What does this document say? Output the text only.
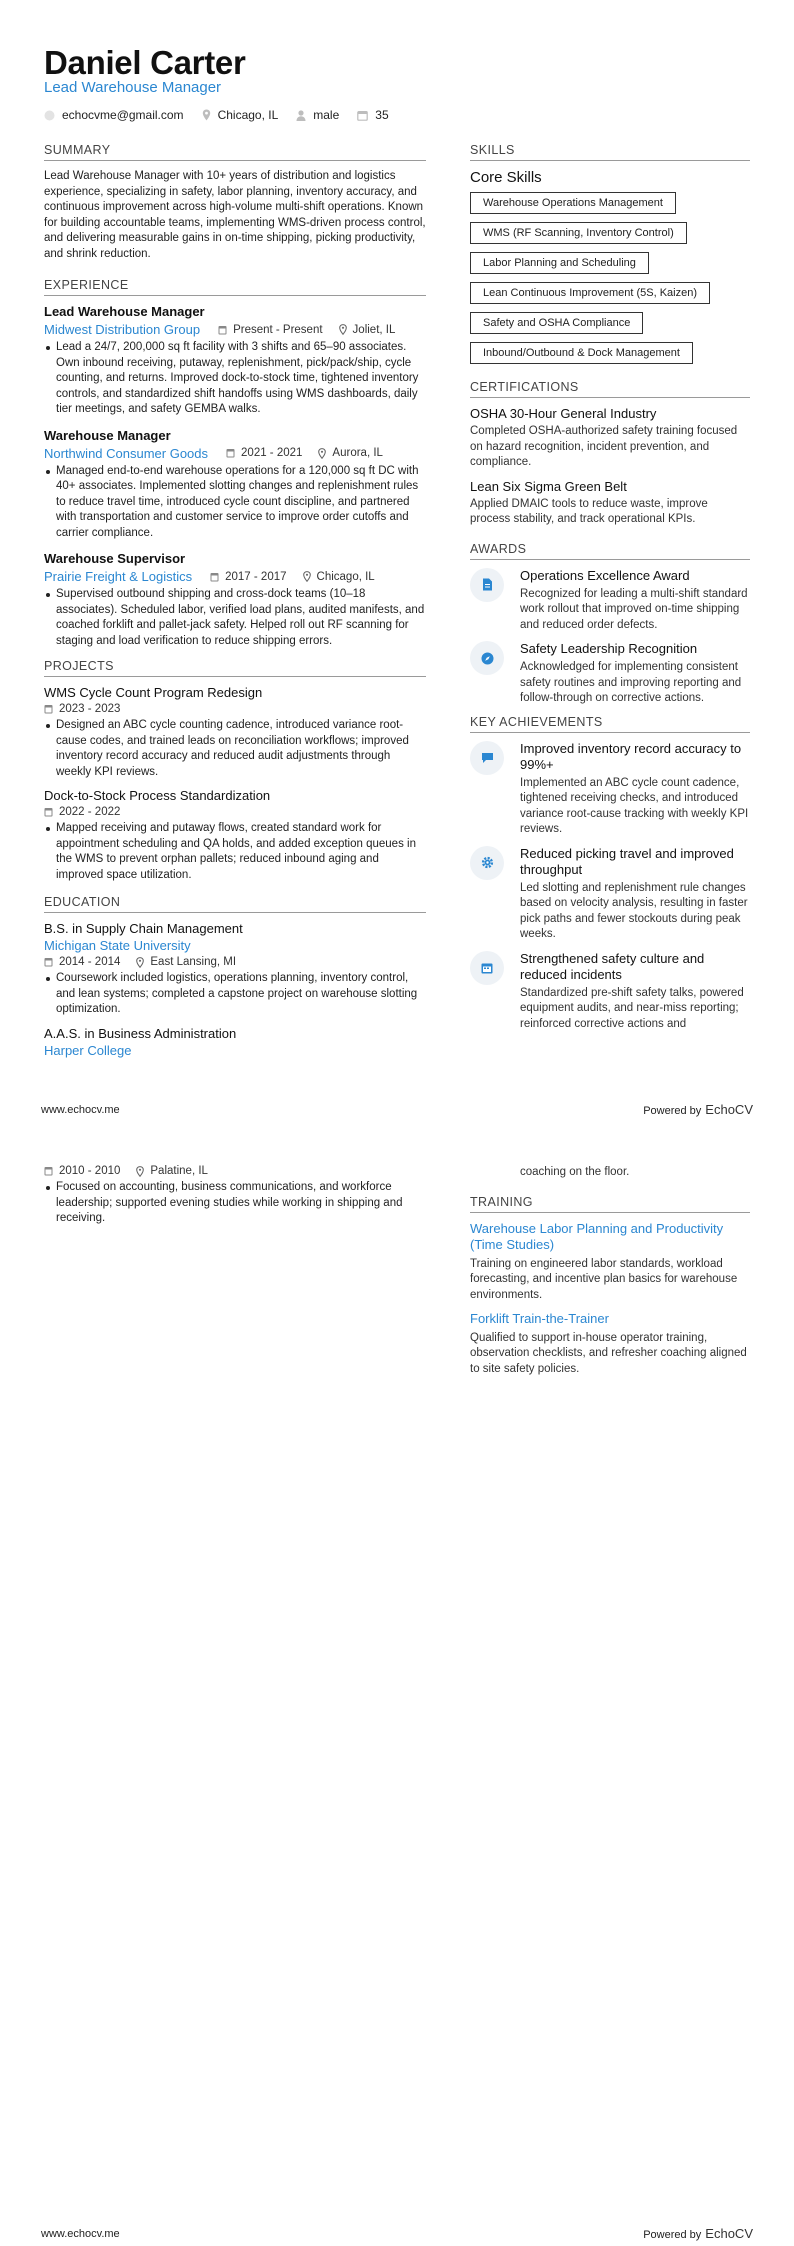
Daniel Carter
Lead Warehouse Manager
echocvme@gmail.com	Chicago, IL	male	35
SUMMARY
Lead Warehouse Manager with 10+ years of distribution and logistics experience, specializing in safety, labor planning, inventory accuracy, and continuous improvement across high-volume multi-shift operations. Known for building accountable teams, implementing WMS-driven process control, and delivering measurable gains in on-time shipping, picking productivity, and shrink reduction.
EXPERIENCE
Lead Warehouse Manager
Midwest Distribution Group	Present - Present	Joliet, IL
Lead a 24/7, 200,000 sq ft facility with 3 shifts and 65–90 associates. Own inbound receiving, putaway, replenishment, pick/pack/ship, cycle counting, and returns. Improved dock-to-stock time, tightened inventory controls, and standardized shift handoffs using WMS dashboards, daily tier meetings, and safety GEMBA walks.
Warehouse Manager
Northwind Consumer Goods	2021 - 2021	Aurora, IL
Managed end-to-end warehouse operations for a 120,000 sq ft DC with 40+ associates. Implemented slotting changes and replenishment rules to reduce travel time, introduced cycle count discipline, and partnered with transportation and customer service to improve order cutoffs and carrier compliance.
Warehouse Supervisor
Prairie Freight & Logistics	2017 - 2017	Chicago, IL
Supervised outbound shipping and cross-dock teams (10–18 associates). Scheduled labor, verified load plans, audited manifests, and coached forklift and pallet-jack safety. Helped roll out RF scanning for staging and load verification to reduce shipping errors.
PROJECTS
WMS Cycle Count Program Redesign
2023 - 2023
Designed an ABC cycle counting cadence, introduced variance root-cause codes, and trained leads on reconciliation workflows; improved inventory record accuracy and reduced audit adjustments through weekly KPI reviews.
Dock-to-Stock Process Standardization
2022 - 2022
Mapped receiving and putaway flows, created standard work for appointment scheduling and QA holds, and added exception queues in the WMS to prevent orphan pallets; reduced inbound aging and improved space utilization.
EDUCATION
B.S. in Supply Chain Management
Michigan State University
2014 - 2014	East Lansing, MI
Coursework included logistics, operations planning, inventory control, and lean systems; completed a capstone project on warehouse slotting optimization.
A.A.S. in Business Administration
Harper College
SKILLS
Core Skills
Warehouse Operations Management
WMS (RF Scanning, Inventory Control)
Labor Planning and Scheduling
Lean Continuous Improvement (5S, Kaizen)
Safety and OSHA Compliance
Inbound/Outbound & Dock Management
CERTIFICATIONS
OSHA 30-Hour General Industry
Completed OSHA-authorized safety training focused on hazard recognition, incident prevention, and compliance.
Lean Six Sigma Green Belt
Applied DMAIC tools to reduce waste, improve process stability, and track operational KPIs.
AWARDS
Operations Excellence Award
Recognized for leading a multi-shift standard work rollout that improved on-time shipping and reduced order defects.
Safety Leadership Recognition
Acknowledged for implementing consistent safety routines and improving reporting and follow-through on corrective actions.
KEY ACHIEVEMENTS
Improved inventory record accuracy to 99%+
Implemented an ABC cycle count cadence, tightened receiving checks, and introduced variance root-cause tracking with weekly KPI reviews.
Reduced picking travel and improved throughput
Led slotting and replenishment rule changes based on velocity analysis, resulting in faster pick paths and fewer stockouts during peak weeks.
Strengthened safety culture and reduced incidents
Standardized pre-shift safety talks, powered equipment audits, and near-miss reporting; reinforced corrective actions and
www.echocv.me	Powered by EchoCV
2010 - 2010	Palatine, IL
Focused on accounting, business communications, and workforce leadership; supported evening studies while working in shipping and receiving.
coaching on the floor.
TRAINING
Warehouse Labor Planning and Productivity (Time Studies)
Training on engineered labor standards, workload forecasting, and incentive plan basics for warehouse environments.
Forklift Train-the-Trainer
Qualified to support in-house operator training, observation checklists, and refresher coaching aligned to site safety policies.
www.echocv.me	Powered by EchoCV
